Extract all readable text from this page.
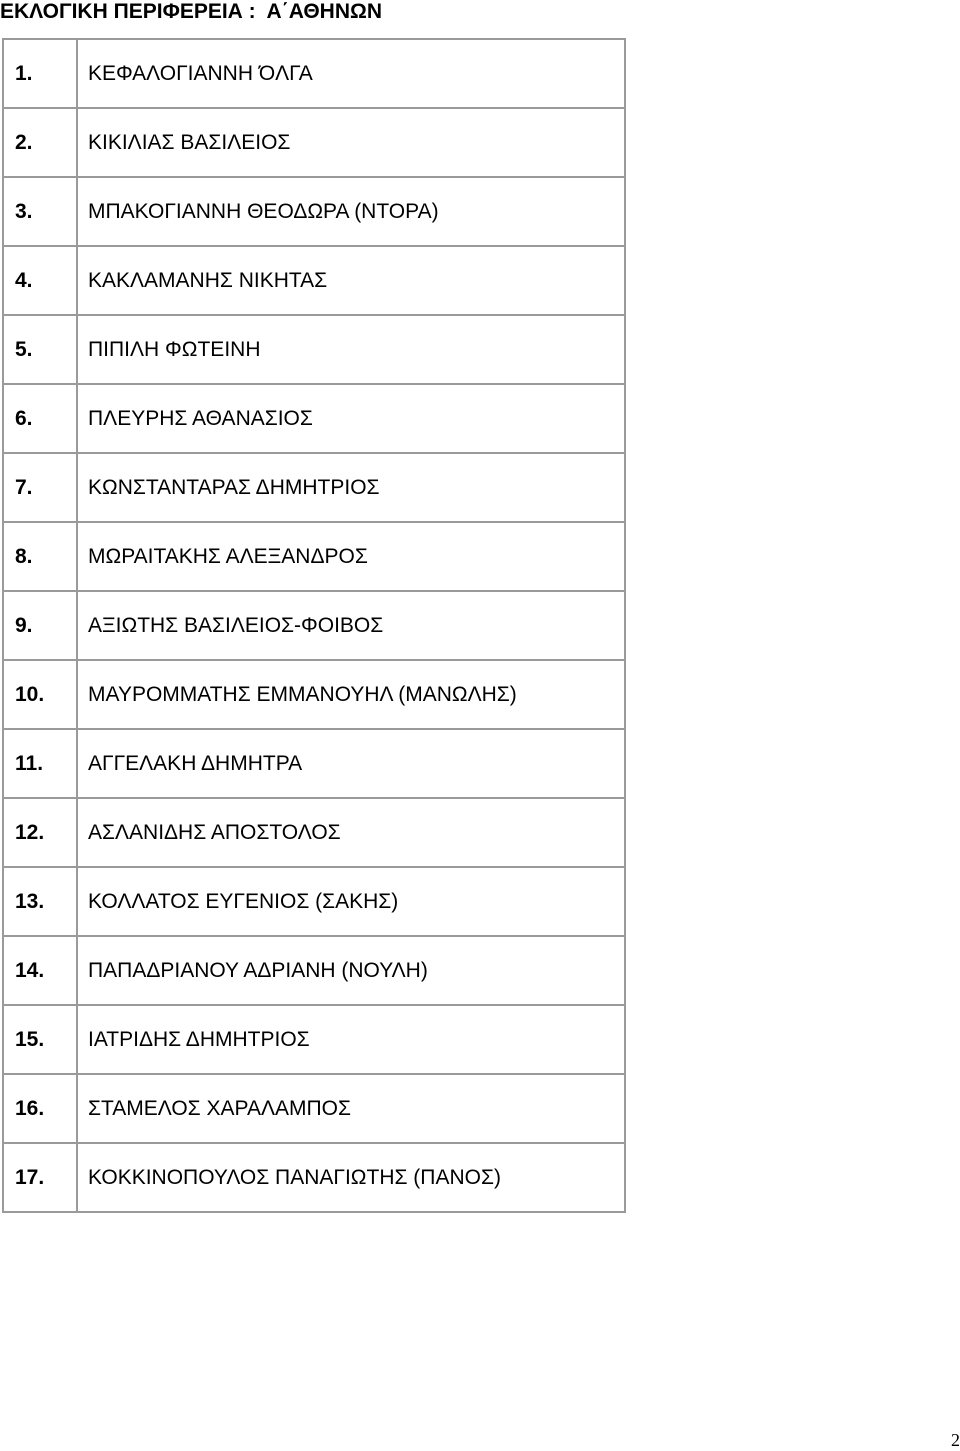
ΕΚΛΟΓΙΚΗ ΠΕΡΙΦΕΡΕΙΑ :  Α΄ΑΘΗΝΩΝ
1.	ΚΕΦΑΛΟΓΙΑΝΝΗ ΌΛΓΑ
2.	ΚΙΚΙΛΙΑΣ ΒΑΣΙΛΕΙΟΣ
3.	ΜΠΑΚΟΓΙΑΝΝΗ ΘΕΟΔΩΡΑ (ΝΤΟΡΑ)
4.	ΚΑΚΛΑΜΑΝΗΣ ΝΙΚΗΤΑΣ
5.	ΠΙΠΙΛΗ ΦΩΤΕΙΝΗ
6.	ΠΛΕΥΡΗΣ ΑΘΑΝΑΣΙΟΣ
7.	ΚΩΝΣΤΑΝΤΑΡΑΣ ΔΗΜΗΤΡΙΟΣ
8.	ΜΩΡΑΙΤΑΚΗΣ ΑΛΕΞΑΝΔΡΟΣ
9.	ΑΞΙΩΤΗΣ ΒΑΣΙΛΕΙΟΣ-ΦΟΙΒΟΣ
10.	ΜΑΥΡΟΜΜΑΤΗΣ ΕΜΜΑΝΟΥΗΛ (ΜΑΝΩΛΗΣ)
11.	ΑΓΓΕΛΑΚΗ ΔΗΜΗΤΡΑ
12.	ΑΣΛΑΝΙΔΗΣ ΑΠΟΣΤΟΛΟΣ
13.	ΚΟΛΛΑΤΟΣ ΕΥΓΕΝΙΟΣ (ΣΑΚΗΣ)
14.	ΠΑΠΑΔΡΙΑΝΟΥ ΑΔΡΙΑΝΗ (ΝΟΥΛΗ)
15.	ΙΑΤΡΙΔΗΣ ΔΗΜΗΤΡΙΟΣ
16.	ΣΤΑΜΕΛΟΣ ΧΑΡΑΛΑΜΠΟΣ
17.	ΚΟΚΚΙΝΟΠΟΥΛΟΣ ΠΑΝΑΓΙΩΤΗΣ (ΠΑΝΟΣ)
2
